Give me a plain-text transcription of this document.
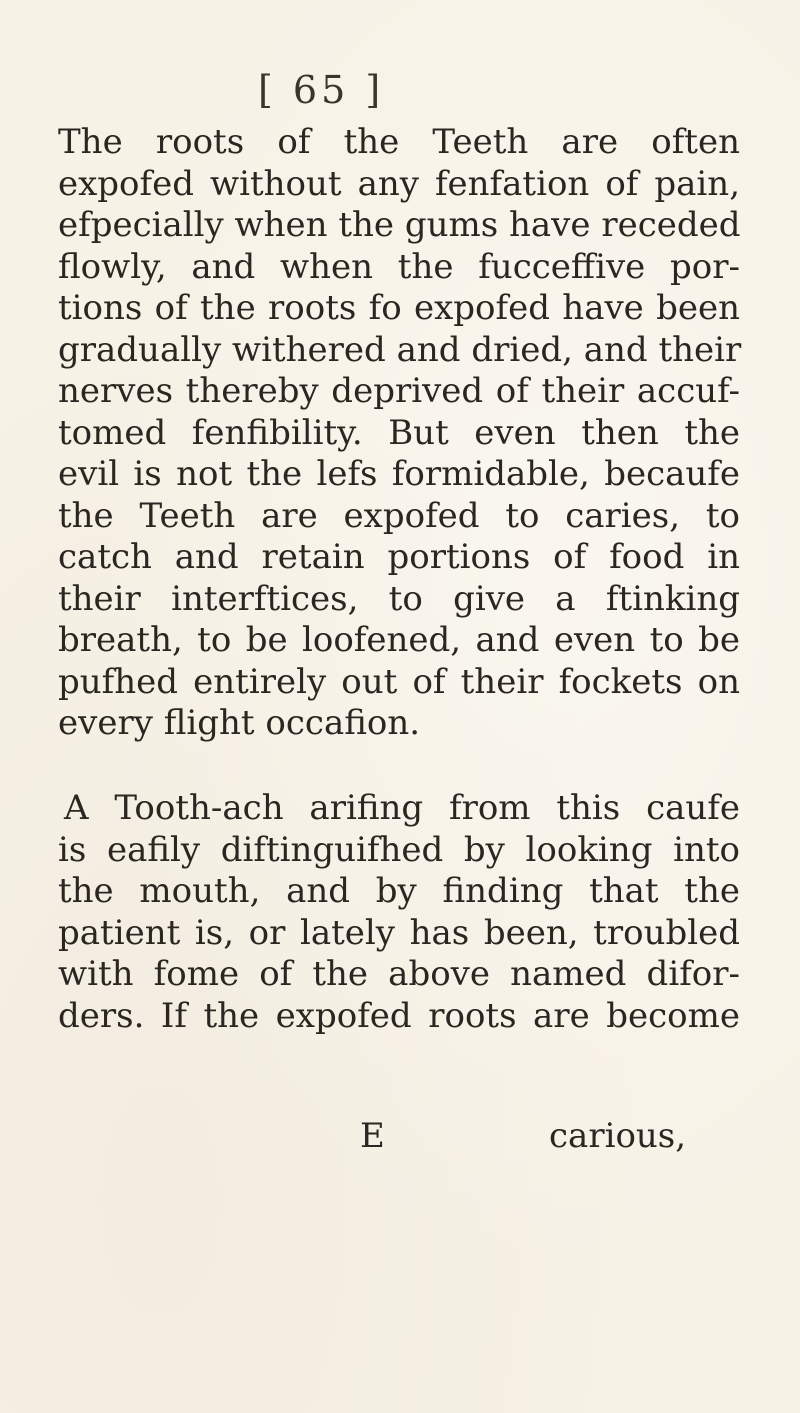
[ 65 ]
The roots of the Teeth are often
expofed without any fenfation of pain,
efpecially when the gums have receded
flowly, and when the fucceffive por-
tions of the roots fo expofed have been
gradually withered and dried, and their
nerves thereby deprived of their accuf-
tomed fenfibility. But even then the
evil is not the lefs formidable, becaufe
the Teeth are expofed to caries, to
catch and retain portions of food in
their interftices, to give a ftinking
breath, to be loofened, and even to be
pufhed entirely out of their fockets on
every flight occafion.
A Tooth-ach arifing from this caufe
is eafily diftinguifhed by looking into
the mouth, and by finding that the
patient is, or lately has been, troubled
with fome of the above named difor-
ders. If the expofed roots are become
E	carious,
